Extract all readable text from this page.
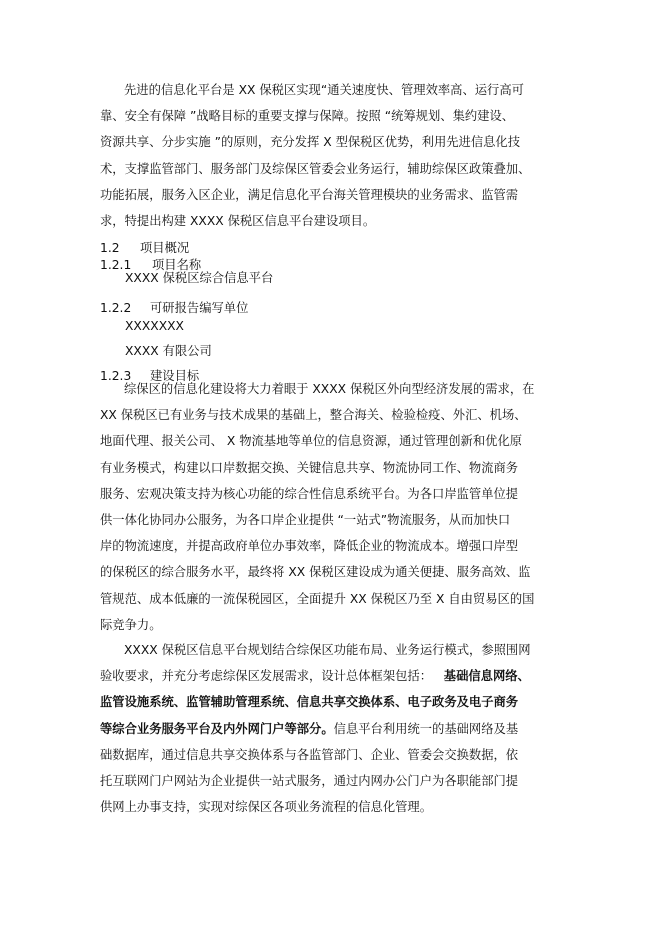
先进的信息化平台是 XX 保税区实现“通关速度快、管理效率高、运行高可
靠、安全有保障 ”战略目标的重要支撑与保障。按照 “统筹规划、集约建设、
资源共享、分步实施 ”的原则，充分发挥 X 型保税区优势，利用先进信息化技
术，支撑监管部门、服务部门及综保区管委会业务运行，辅助综保区政策叠加、
功能拓展，服务入区企业，满足信息化平台海关管理模块的业务需求、监管需
求，特提出构建 XXXX 保税区信息平台建设项目。
1.2 项目概况
1.2.1 项目名称
XXXX 保税区综合信息平台
1.2.2 可研报告编写单位
XXXXXXX
XXXX 有限公司
1.2.3 建设目标
综保区的信息化建设将大力着眼于 XXXX 保税区外向型经济发展的需求，在
XX 保税区已有业务与技术成果的基础上，整合海关、检验检疫、外汇、机场、
地面代理、报关公司、 X 物流基地等单位的信息资源，通过管理创新和优化原
有业务模式，构建以口岸数据交换、关键信息共享、物流协同工作、物流商务
服务、宏观决策支持为核心功能的综合性信息系统平台。为各口岸监管单位提
供一体化协同办公服务，为各口岸企业提供 “一站式”物流服务，从而加快口
岸的物流速度，并提高政府单位办事效率，降低企业的物流成本。增强口岸型
的保税区的综合服务水平，最终将 XX 保税区建设成为通关便捷、服务高效、监
管规范、成本低廉的一流保税园区，全面提升 XX 保税区乃至 X 自由贸易区的国
际竞争力。
XXXX 保税区信息平台规划结合综保区功能布局、业务运行模式，参照围网
验收要求，并充分考虑综保区发展需求，设计总体框架包括： 基础信息网络、
监管设施系统、监管辅助管理系统、信息共享交换体系、电子政务及电子商务
等综合业务服务平台及内外网门户等部分。信息平台利用统一的基础网络及基
础数据库，通过信息共享交换体系与各监管部门、企业、管委会交换数据，依
托互联网门户网站为企业提供一站式服务，通过内网办公门户为各职能部门提
供网上办事支持，实现对综保区各项业务流程的信息化管理。
